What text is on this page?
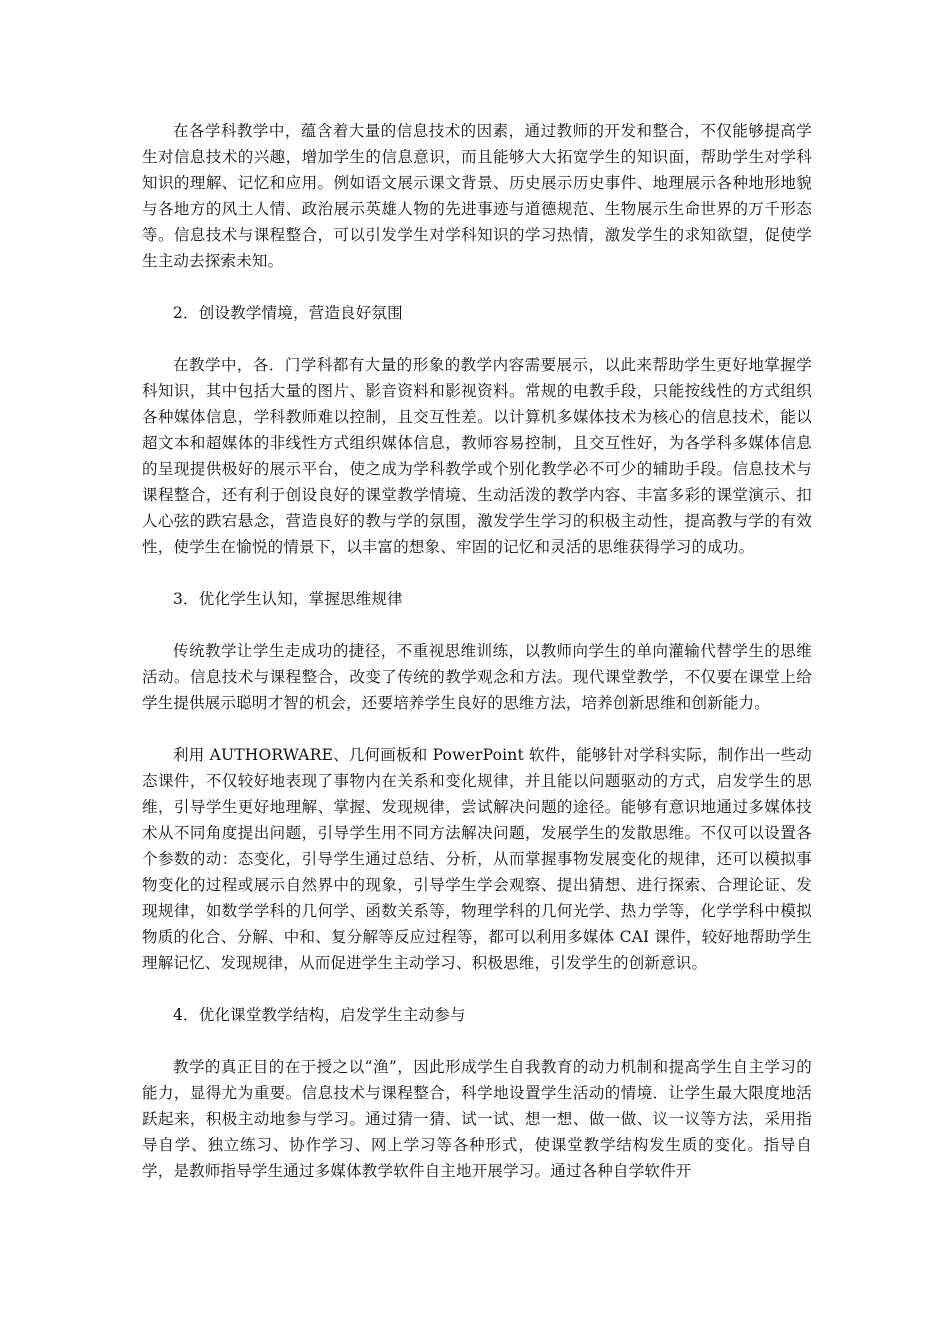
在各学科教学中，蕴含着大量的信息技术的因素，通过教师的开发和整合，不仅能够提高学生对信息技术的兴趣，增加学生的信息意识，而且能够大大拓宽学生的知识面，帮助学生对学科知识的理解、记忆和应用。例如语文展示课文背景、历史展示历史事件、地理展示各种地形地貌与各地方的风土人情、政治展示英雄人物的先进事迹与道德规范、生物展示生命世界的万千形态等。信息技术与课程整合，可以引发学生对学科知识的学习热情，激发学生的求知欲望，促使学生主动去探索未知。

2．创设教学情境，营造良好氛围

在教学中，各．门学科都有大量的形象的教学内容需要展示，以此来帮助学生更好地掌握学科知识，其中包括大量的图片、影音资料和影视资料。常规的电教手段，只能按线性的方式组织各种媒体信息，学科教师难以控制，且交互性差。以计算机多媒体技术为核心的信息技术，能以超文本和超媒体的非线性方式组织媒体信息，教师容易控制，且交互性好，为各学科多媒体信息的呈现提供极好的展示平台，使之成为学科教学或个别化教学必不可少的辅助手段。信息技术与课程整合，还有利于创设良好的课堂教学情境、生动活泼的教学内容、丰富多彩的课堂演示、扣人心弦的跌宕悬念，营造良好的教与学的氛围，激发学生学习的积极主动性，提高教与学的有效性，使学生在愉悦的情景下，以丰富的想象、牢固的记忆和灵活的思维获得学习的成功。

3．优化学生认知，掌握思维规律

传统教学让学生走成功的捷径，不重视思维训练，以教师向学生的单向灌输代替学生的思维活动。信息技术与课程整合，改变了传统的教学观念和方法。现代课堂教学，不仅要在课堂上给学生提供展示聪明才智的机会，还要培养学生良好的思维方法，培养创新思维和创新能力。

利用 AUTHORWARE、几何画板和 PowerPoint 软件，能够针对学科实际，制作出一些动态课件，不仅较好地表现了事物内在关系和变化规律，并且能以问题驱动的方式，启发学生的思维，引导学生更好地理解、掌握、发现规律，尝试解决问题的途径。能够有意识地通过多媒体技术从不同角度提出问题，引导学生用不同方法解决问题，发展学生的发散思维。不仅可以设置各个参数的动：态变化，引导学生通过总结、分析，从而掌握事物发展变化的规律，还可以模拟事物变化的过程或展示自然界中的现象，引导学生学会观察、提出猜想、进行探索、合理论证、发现规律，如数学学科的几何学、函数关系等，物理学科的几何光学、热力学等，化学学科中模拟物质的化合、分解、中和、复分解等反应过程等，都可以利用多媒体 CAI 课件，较好地帮助学生理解记忆、发现规律，从而促进学生主动学习、积极思维，引发学生的创新意识。

4．优化课堂教学结构，启发学生主动参与

教学的真正目的在于授之以“渔”，因此形成学生自我教育的动力机制和提高学生自主学习的能力，显得尤为重要。信息技术与课程整合，科学地设置学生活动的情境．让学生最大限度地活跃起来，积极主动地参与学习。通过猜一猜、试一试、想一想、做一做、议一议等方法，采用指导自学、独立练习、协作学习、网上学习等各种形式，使课堂教学结构发生质的变化。指导自学，是教师指导学生通过多媒体教学软件自主地开展学习。通过各种自学软件开
